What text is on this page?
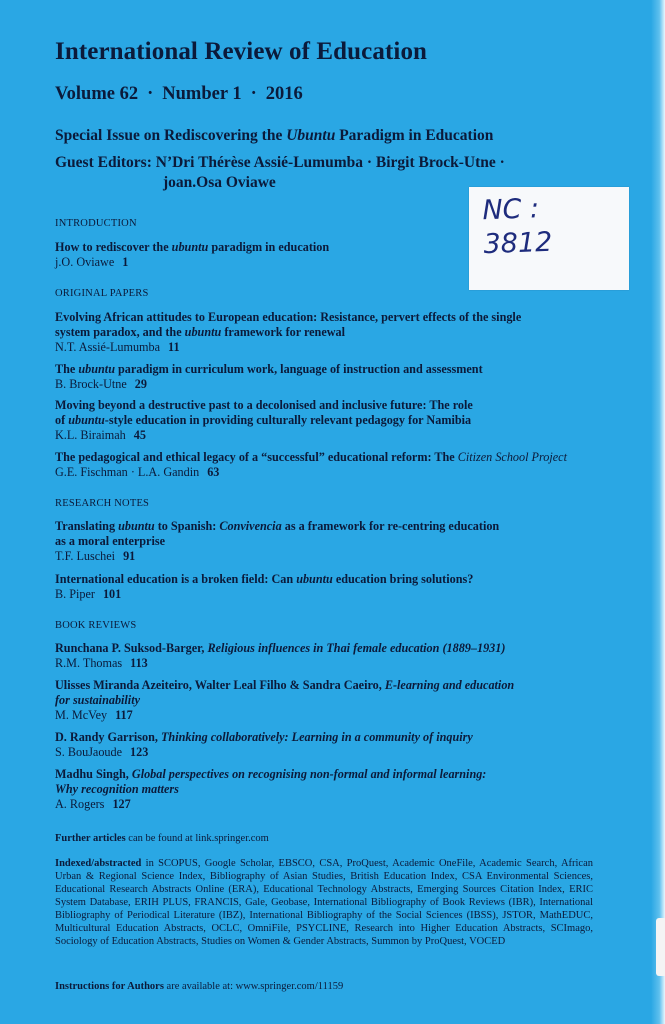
International Review of Education

Volume 62 · Number 1 · 2016

Special Issue on Rediscovering the Ubuntu Paradigm in Education

Guest Editors: N’Dri Thérèse Assié-Lumumba · Birgit Brock-Utne ·
joan.Osa Oviawe

NC :
3812

INTRODUCTION

How to rediscover the ubuntu paradigm in education

j.O. Oviawe 1

ORIGINAL PAPERS

Evolving African attitudes to European education: Resistance, pervert effects of the single
system paradox, and the ubuntu framework for renewal

N.T. Assié-Lumumba 11

The ubuntu paradigm in curriculum work, language of instruction and assessment

B. Brock-Utne 29

Moving beyond a destructive past to a decolonised and inclusive future: The role
of ubuntu-style education in providing culturally relevant pedagogy for Namibia

K.L. Biraimah 45

The pedagogical and ethical legacy of a “successful” educational reform: The Citizen School Project

G.E. Fischman · L.A. Gandin 63

RESEARCH NOTES

Translating ubuntu to Spanish: Convivencia as a framework for re-centring education
as a moral enterprise

T.F. Luschei 91

International education is a broken field: Can ubuntu education bring solutions?

B. Piper 101

BOOK REVIEWS

Runchana P. Suksod-Barger, Religious influences in Thai female education (1889–1931)

R.M. Thomas 113

Ulisses Miranda Azeiteiro, Walter Leal Filho & Sandra Caeiro, E-learning and education
for sustainability

M. McVey 117

D. Randy Garrison, Thinking collaboratively: Learning in a community of inquiry

S. BouJaoude 123

Madhu Singh, Global perspectives on recognising non-formal and informal learning:
Why recognition matters

A. Rogers 127

Further articles can be found at link.springer.com

Indexed/abstracted in SCOPUS, Google Scholar, EBSCO, CSA, ProQuest, Academic OneFile, Academic Search, African Urban & Regional Science Index, Bibliography of Asian Studies, British Education Index, CSA Environmental Sciences, Educational Research Abstracts Online (ERA), Educational Technology Abstracts, Emerging Sources Citation Index, ERIC System Database, ERIH PLUS, FRANCIS, Gale, Geobase, International Bibliography of Book Reviews (IBR), International Bibliography of Periodical Literature (IBZ), International Bibliography of the Social Sciences (IBSS), JSTOR, MathEDUC, Multicultural Education Abstracts, OCLC, OmniFile, PSYCLINE, Research into Higher Education Abstracts, SCImago, Sociology of Education Abstracts, Studies on Women & Gender Abstracts, Summon by ProQuest, VOCED

Instructions for Authors are available at: www.springer.com/11159
